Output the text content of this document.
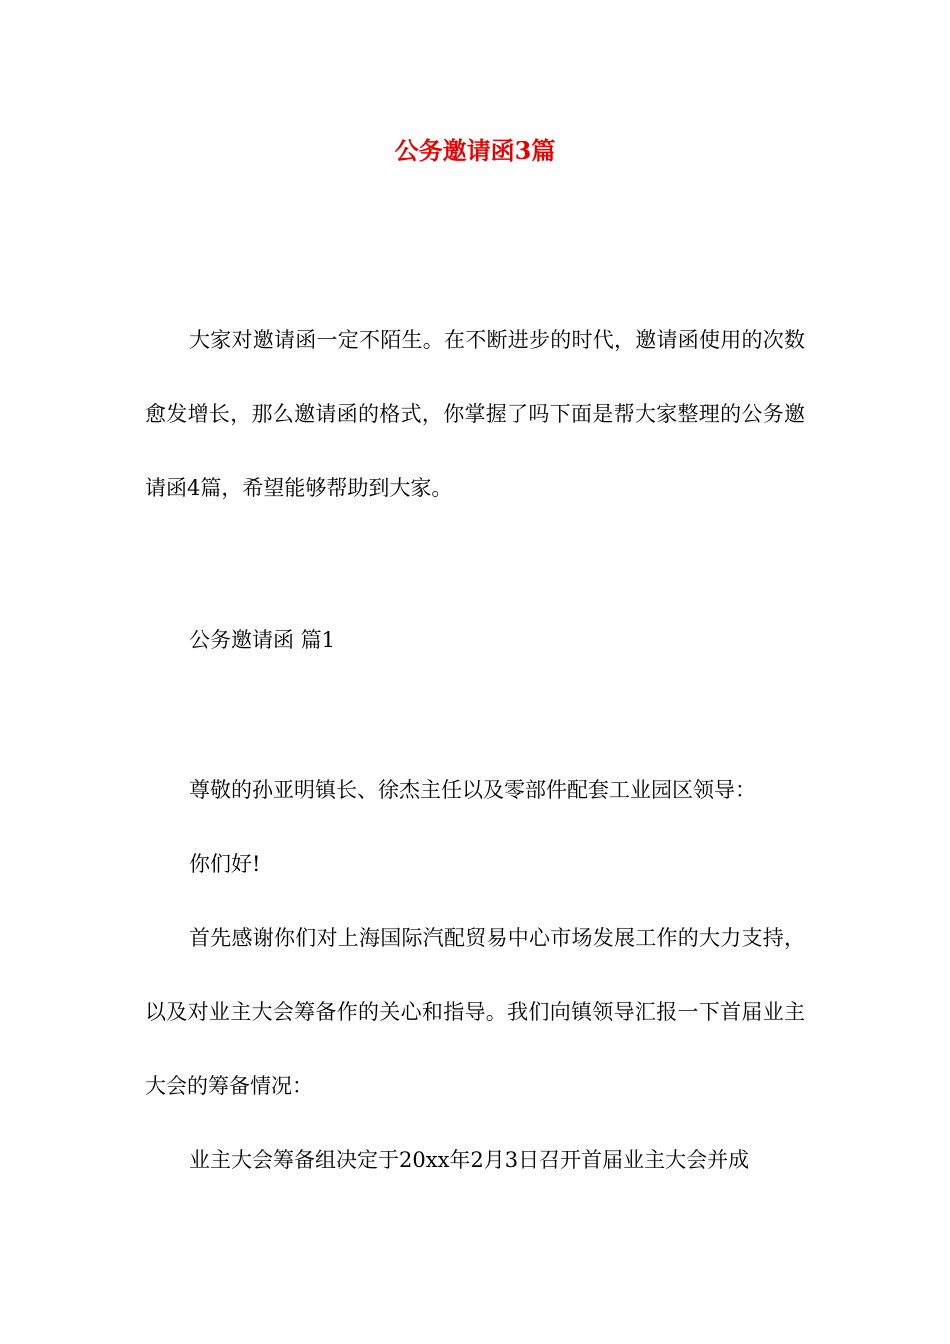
公务邀请函3篇

大家对邀请函一定不陌生。在不断进步的时代，邀请函使用的次数愈发增长，那么邀请函的格式，你掌握了吗下面是帮大家整理的公务邀请函4篇，希望能够帮助到大家。

公务邀请函 篇1

尊敬的孙亚明镇长、徐杰主任以及零部件配套工业园区领导：

你们好!

首先感谢你们对上海国际汽配贸易中心市场发展工作的大力支持，以及对业主大会筹备作的关心和指导。我们向镇领导汇报一下首届业主大会的筹备情况：

业主大会筹备组决定于20xx年2月3日召开首届业主大会并成
